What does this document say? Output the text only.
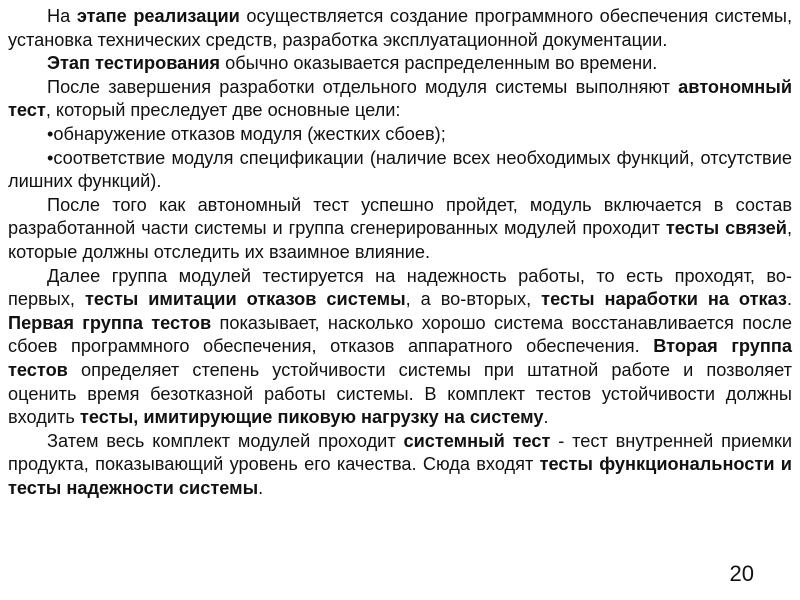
На этапе реализации осуществляется создание программного обеспечения системы, установка технических средств, разработка эксплуатационной документации.

Этап тестирования обычно оказывается распределенным во времени.

После завершения разработки отдельного модуля системы выполняют автономный тест, который преследует две основные цели:

•обнаружение отказов модуля (жестких сбоев);

•соответствие модуля спецификации (наличие всех необходимых функций, отсутствие лишних функций).

После того как автономный тест успешно пройдет, модуль включается в состав разработанной части системы и группа сгенерированных модулей проходит тесты связей, которые должны отследить их взаимное влияние.

Далее группа модулей тестируется на надежность работы, то есть проходят, во-первых, тесты имитации отказов системы, а во-вторых, тесты наработки на отказ. Первая группа тестов показывает, насколько хорошо система восстанавливается после сбоев программного обеспечения, отказов аппаратного обеспечения. Вторая группа тестов определяет степень устойчивости системы при штатной работе и позволяет оценить время безотказной работы системы. В комплект тестов устойчивости должны входить тесты, имитирующие пиковую нагрузку на систему.

Затем весь комплект модулей проходит системный тест - тест внутренней приемки продукта, показывающий уровень его качества. Сюда входят тесты функциональности и тесты надежности системы.

20
